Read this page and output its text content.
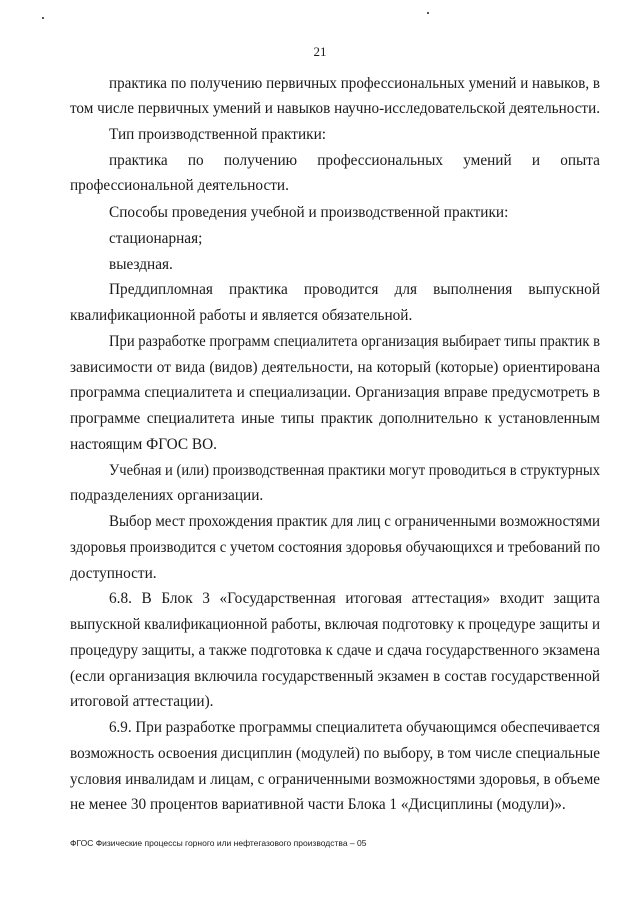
21
практика по получению первичных профессиональных умений и навыков, в
том числе первичных умений и навыков научно-исследовательской деятельности.
Тип производственной практики:
практика по получению профессиональных умений и опыта
профессиональной деятельности.
Способы проведения учебной и производственной практики:
стационарная;
выездная.
Преддипломная практика проводится для выполнения выпускной
квалификационной работы и является обязательной.
При разработке программ специалитета организация выбирает типы практик в
зависимости от вида (видов) деятельности, на который (которые) ориентирована
программа специалитета и специализации. Организация вправе предусмотреть в
программе специалитета иные типы практик дополнительно к установленным
настоящим ФГОС ВО.
Учебная и (или) производственная практики могут проводиться в структурных
подразделениях организации.
Выбор мест прохождения практик для лиц с ограниченными возможностями
здоровья производится с учетом состояния здоровья обучающихся и требований по
доступности.
6.8. В Блок 3 «Государственная итоговая аттестация» входит защита
выпускной квалификационной работы, включая подготовку к процедуре защиты и
процедуру защиты, а также подготовка к сдаче и сдача государственного экзамена
(если организация включила государственный экзамен в состав государственной
итоговой аттестации).
6.9. При разработке программы специалитета обучающимся обеспечивается
возможность освоения дисциплин (модулей) по выбору, в том числе специальные
условия инвалидам и лицам, с ограниченными возможностями здоровья, в объеме
не менее 30 процентов вариативной части Блока 1 «Дисциплины (модули)».
ФГОС Физические процессы горного или нефтегазового производства – 05
